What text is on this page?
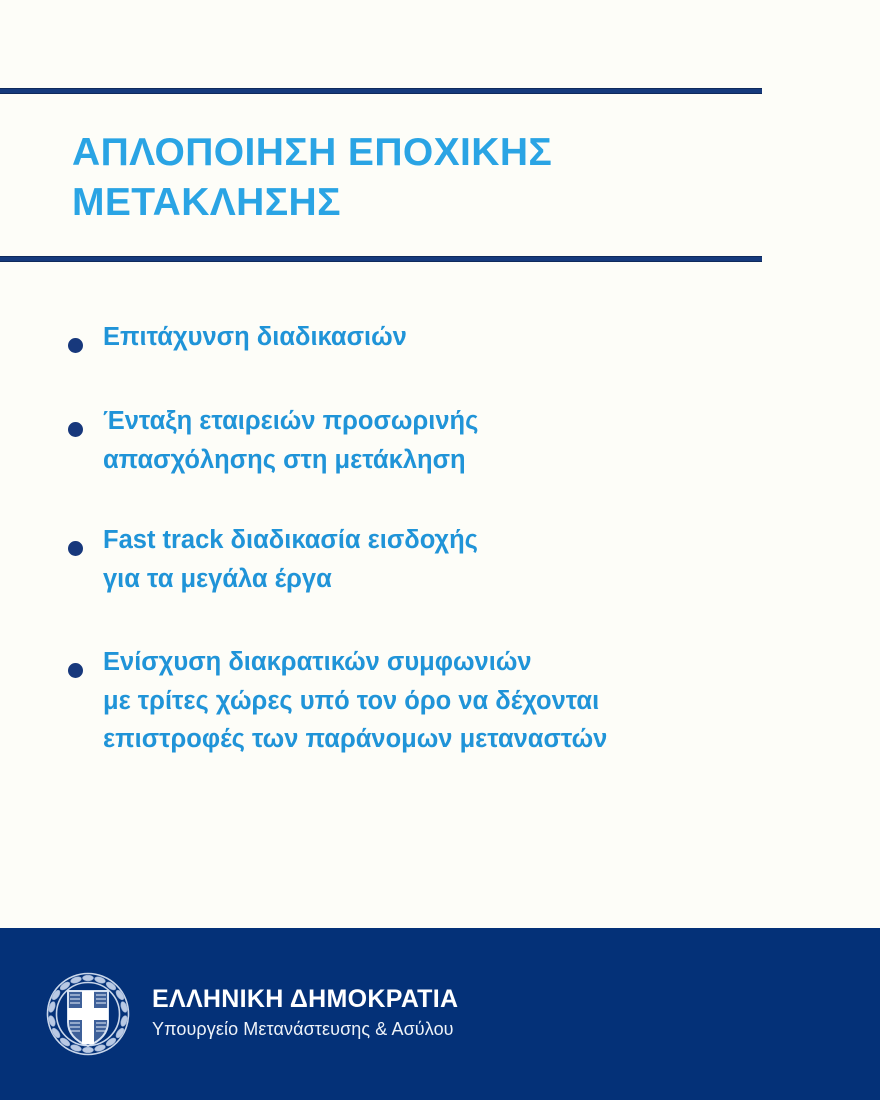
ΑΠΛΟΠΟΙΗΣΗ ΕΠΟΧΙΚΗΣ
ΜΕΤΑΚΛΗΣΗΣ
Επιτάχυνση διαδικασιών
Ένταξη εταιρειών προσωρινής
απασχόλησης στη μετάκληση
Fast track διαδικασία εισδοχής
για τα μεγάλα έργα
Ενίσχυση διακρατικών συμφωνιών
με τρίτες χώρες υπό τον όρο να δέχονται
επιστροφές των παράνομων μεταναστών
ΕΛΛΗΝΙΚΗ ΔΗΜΟΚΡΑΤΙΑ
Υπουργείο Μετανάστευσης & Ασύλου
